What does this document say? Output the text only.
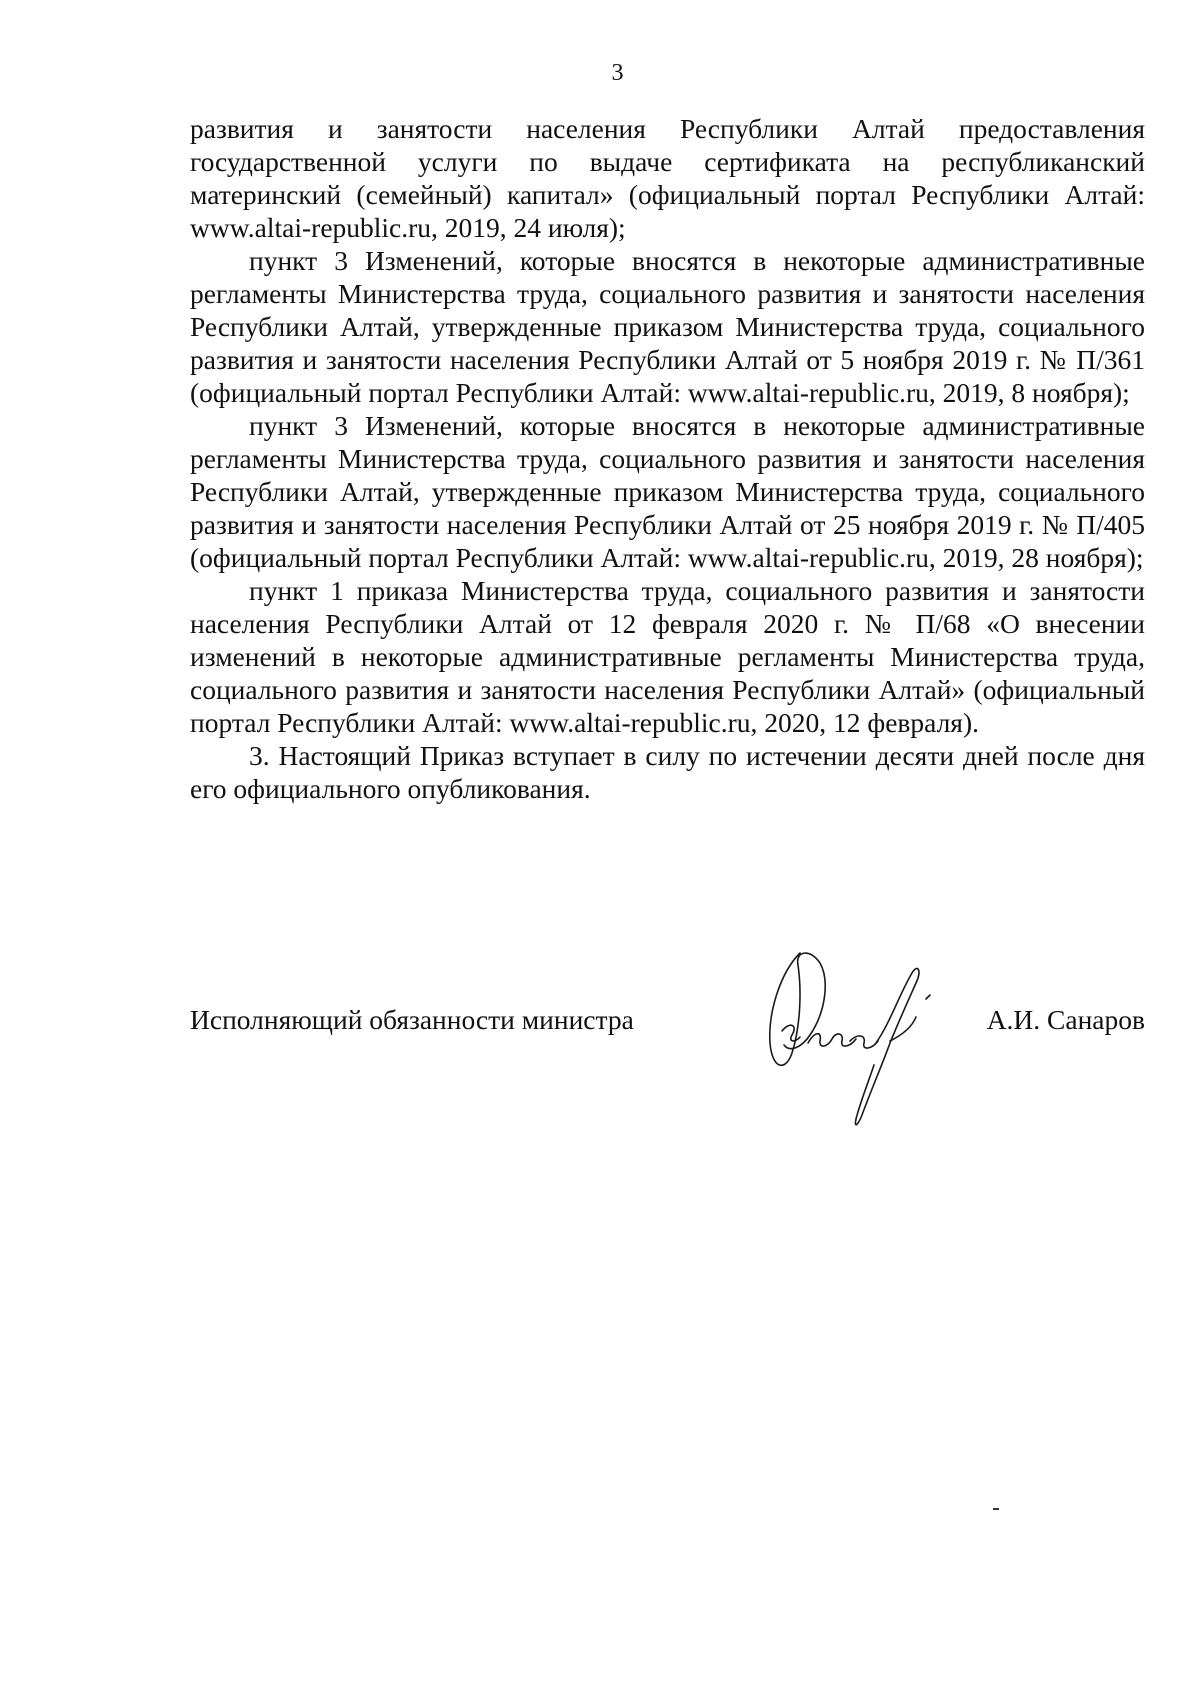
3

развития и занятости населения Республики Алтай предоставления государственной услуги по выдаче сертификата на республиканский материнский (семейный) капитал» (официальный портал Республики Алтай: www.altai-republic.ru, 2019, 24 июля);

пункт 3 Изменений, которые вносятся в некоторые административные регламенты Министерства труда, социального развития и занятости населения Республики Алтай, утвержденные приказом Министерства труда, социального развития и занятости населения Республики Алтай от 5 ноября 2019 г. № П/361 (официальный портал Республики Алтай: www.altai-republic.ru, 2019, 8 ноября);

пункт 3 Изменений, которые вносятся в некоторые административные регламенты Министерства труда, социального развития и занятости населения Республики Алтай, утвержденные приказом Министерства труда, социального развития и занятости населения Республики Алтай от 25 ноября 2019 г. № П/405 (официальный портал Республики Алтай: www.altai-republic.ru, 2019, 28 ноября);

пункт 1 приказа Министерства труда, социального развития и занятости населения Республики Алтай от 12 февраля 2020 г. № П/68 «О внесении изменений в некоторые административные регламенты Министерства труда, социального развития и занятости населения Республики Алтай» (официальный портал Республики Алтай: www.altai-republic.ru, 2020, 12 февраля).

3. Настоящий Приказ вступает в силу по истечении десяти дней после дня его официального опубликования.

Исполняющий обязанности министра	А.И. Санаров
